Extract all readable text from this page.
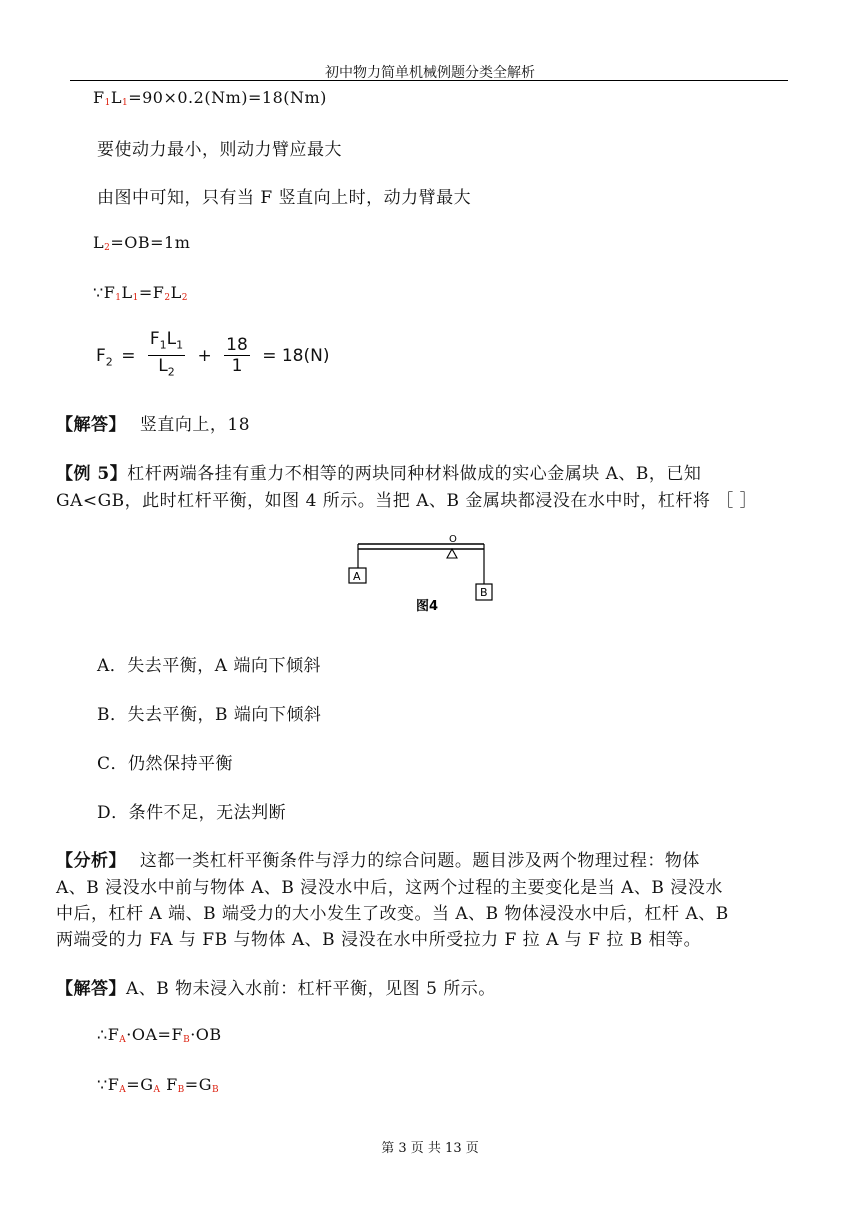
初中物力简单机械例题分类全解析
$F_1L_1=90\times 0.2(Nm)=18(Nm)$
要使动力最小，则动力臂应最大
由图中可知，只有当 F 竖直向上时，动力臂最大
$L_2=OB=1m$
$\because F_1L_1=F_2L_2$
$F_2 = \frac{F_1L_1}{L_2} + \frac{18}{1} = 18(N)$
【解答】 竖直向上，18
【例 5】杠杆两端各挂有重力不相等的两块同种材料做成的实心金属块 A、B，已知
GA<GB，此时杠杆平衡，如图 4 所示。当把 A、B 金属块都浸没在水中时，杠杆将 ［ ］
O
A
B
图4
A．失去平衡，A 端向下倾斜
B．失去平衡，B 端向下倾斜
C．仍然保持平衡
D．条件不足，无法判断
【分析】 这都一类杠杆平衡条件与浮力的综合问题。题目涉及两个物理过程：物体
A、B 浸没水中前与物体 A、B 浸没水中后，这两个过程的主要变化是当 A、B 浸没水
中后，杠杆 A 端、B 端受力的大小发生了改变。当 A、B 物体浸没水中后，杠杆 A、B
两端受的力 FA 与 FB 与物体 A、B 浸没在水中所受拉力 F 拉 A 与 F 拉 B 相等。
【解答】A、B 物未浸入水前：杠杆平衡，见图 5 所示。
$\therefore F_A\cdot OA=F_B\cdot OB$
$\because F_A=G_A$ $F_B=G_B$
第 3 页 共 13 页
